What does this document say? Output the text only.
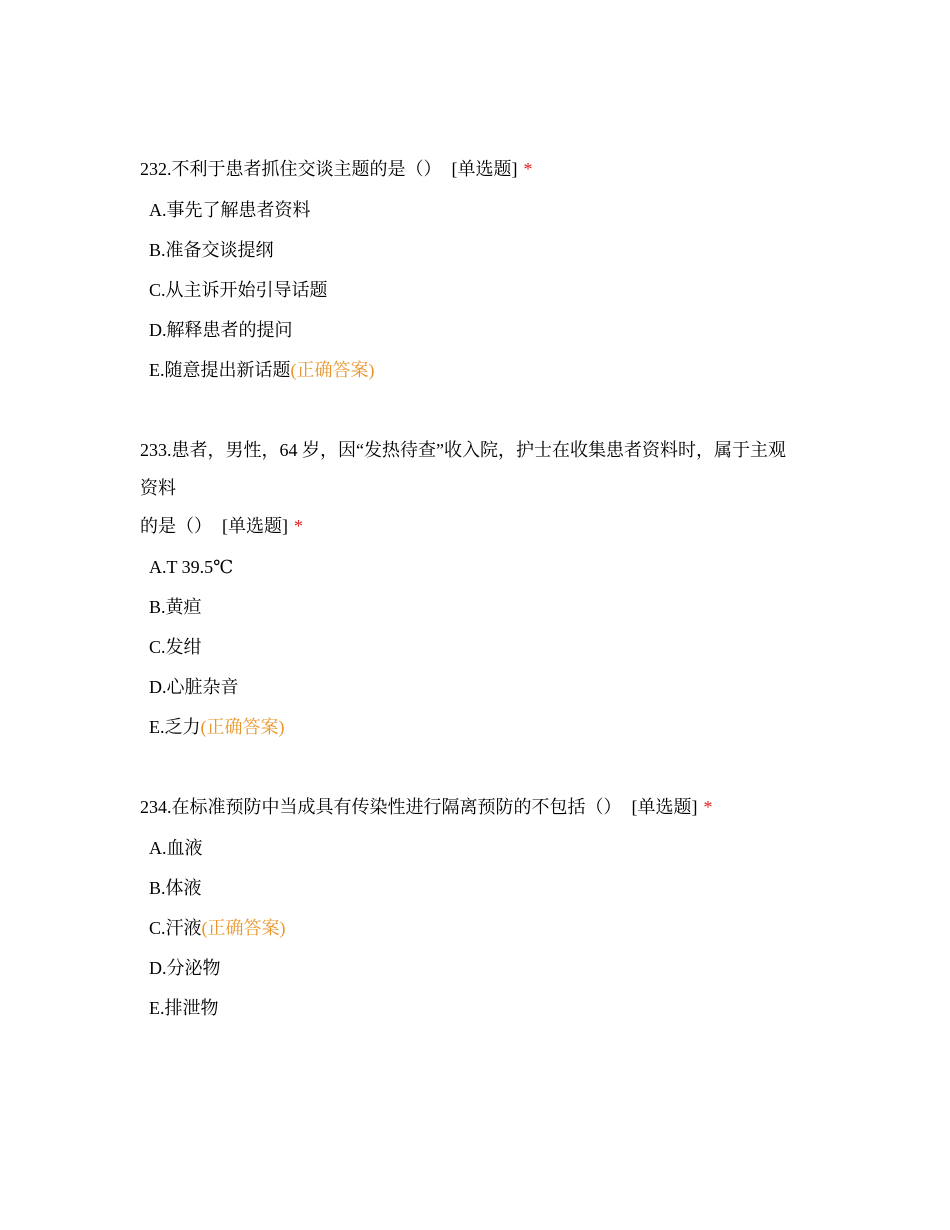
232.不利于患者抓住交谈主题的是（） [单选题] *

A.事先了解患者资料
B.准备交谈提纲
C.从主诉开始引导话题
D.解释患者的提问
E.随意提出新话题(正确答案)

233.患者，男性，64 岁，因“发热待查”收入院，护士在收集患者资料时，属于主观
资料
的是（） [单选题] *

A.T 39.5℃
B.黄疸
C.发绀
D.心脏杂音
E.乏力(正确答案)

234.在标准预防中当成具有传染性进行隔离预防的不包括（） [单选题] *

A.血液
B.体液
C.汗液(正确答案)
D.分泌物
E.排泄物
